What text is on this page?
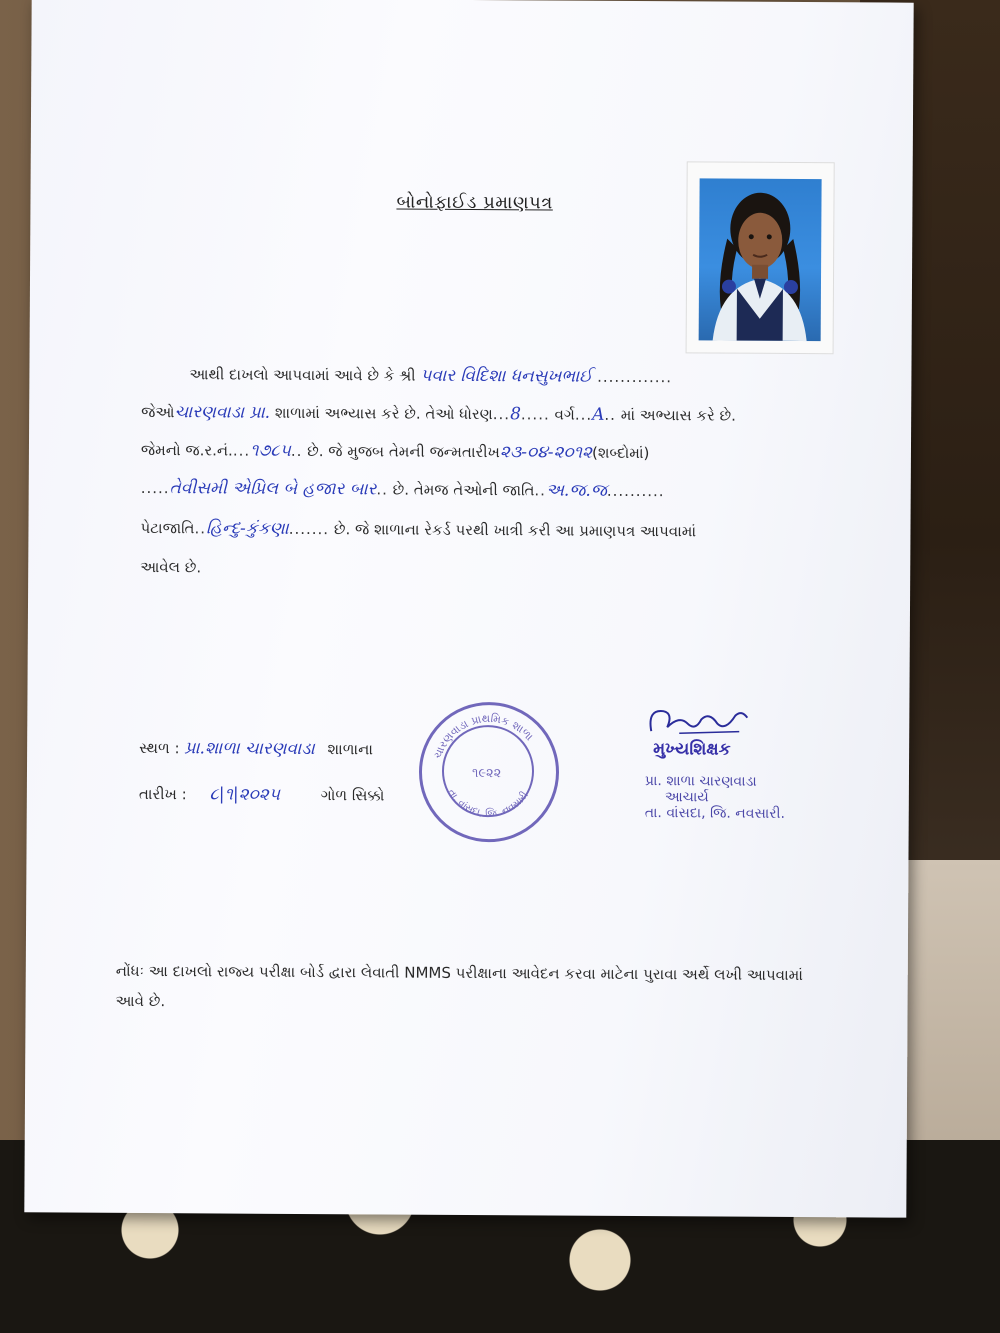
બોનોફાઈડ પ્રમાણપત્ર
આથી દાખલો આપવામાં આવે છે કે શ્રી પવાર વિદિશા ધનસુખભાઈ .............
જેઓચારણવાડા પ્રા. શાળામાં અભ્યાસ કરે છે. તેઓ ધોરણ...8..... વર્ગ...A.. માં અભ્યાસ કરે છે.
જેમનો જ.ર.નં....૧૭૮૫.. છે. જે મુજબ તેમની જન્મતારીખ૨૩-૦૪-૨૦૧૨(શબ્દોમાં)
.....તેવીસમી એપ્રિલ બે હજાર બાર.. છે. તેમજ તેઓની જાતિ..અ.જ.જ..........
પેટાજાતિ..હિન્દુ-કુંકણા....... છે. જે શાળાના રેકર્ડ પરથી ખાત્રી કરી આ પ્રમાણપત્ર આપવામાં
આવેલ છે.
સ્થળ : પ્રા.શાળા ચારણવાડા શાળાના
તારીખ : ૮|૧|૨૦૨૫	ગોળ સિક્કો
ચારણવાડા પ્રાથમિક શાળા
તા. વાંસદા, જિ. નવસારી
૧૯૨૨
મુખ્યશિક્ષક
પ્રા. શાળા ચારણવાડા
આચાર્ય
તા. વાંસદા, જિ. નવસારી.
નોંધઃ આ દાખલો રાજ્ય પરીક્ષા બોર્ડ દ્વારા લેવાતી NMMS પરીક્ષાના આવેદન કરવા માટેના પુરાવા અર્થે લખી આપવામાં આવે છે.
